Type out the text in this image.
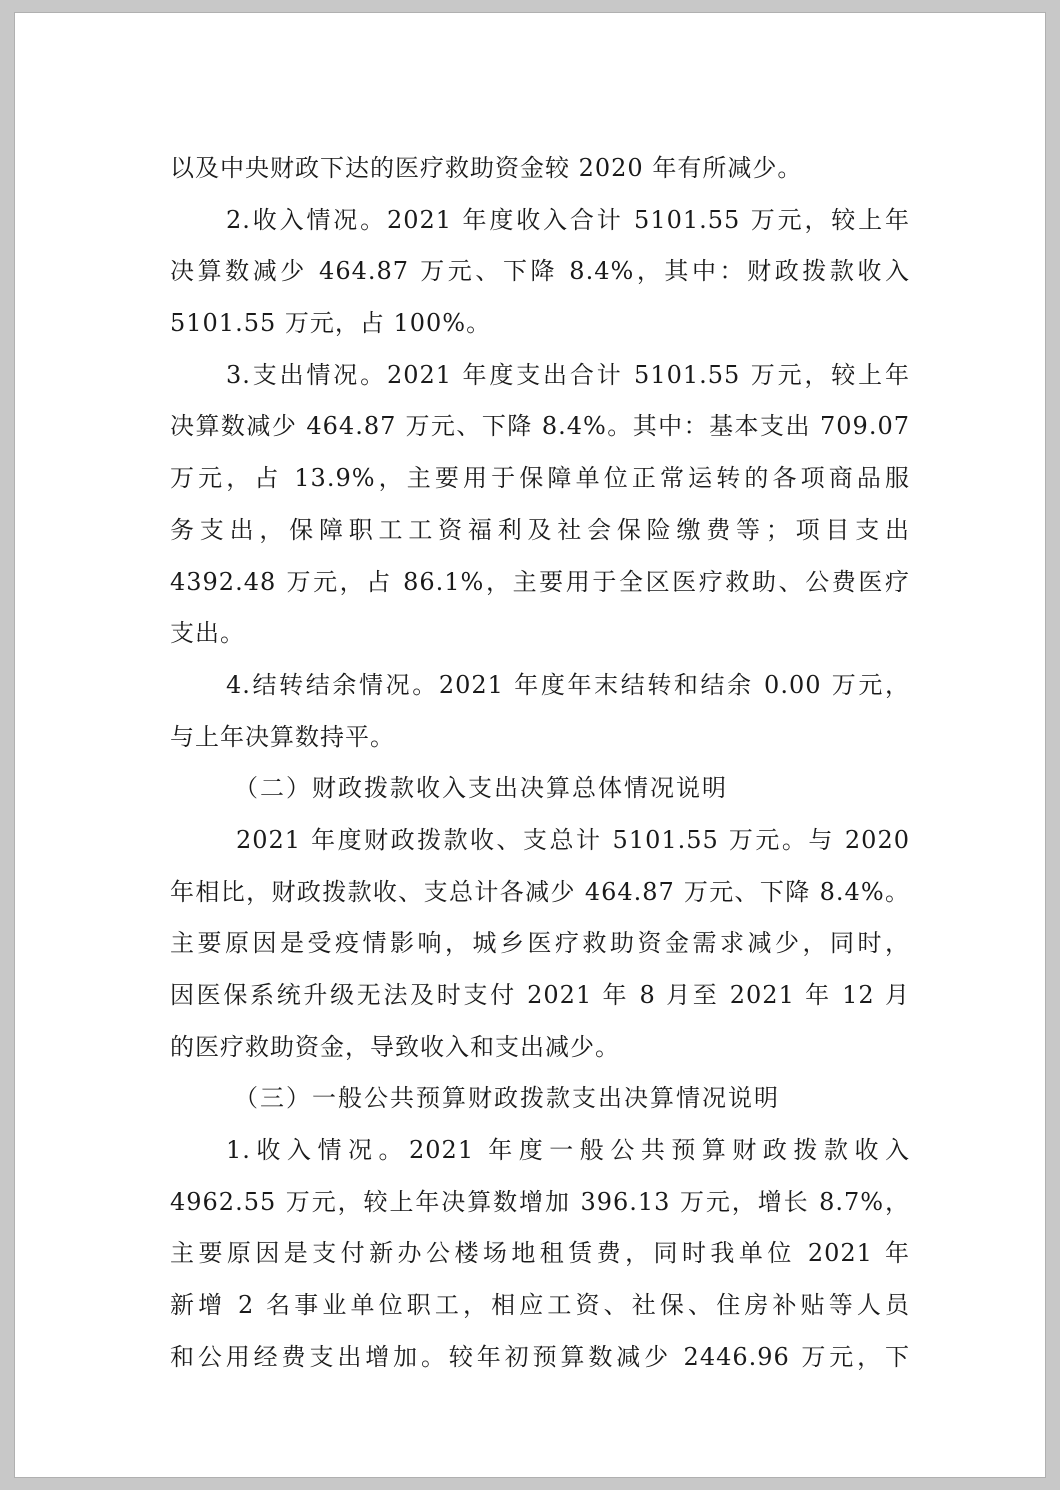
以及中央财政下达的医疗救助资金较 2020 年有所减少。
2.收入情况。2021 年度收入合计 5101.55 万元，较上年
决算数减少 464.87 万元、下降 8.4%，其中：财政拨款收入
5101.55 万元，占 100%。
3.支出情况。2021 年度支出合计 5101.55 万元，较上年
决算数减少 464.87 万元、下降 8.4%。其中：基本支出 709.07
万元，占 13.9%，主要用于保障单位正常运转的各项商品服
务支出，保障职工工资福利及社会保险缴费等；项目支出
4392.48 万元，占 86.1%，主要用于全区医疗救助、公费医疗
支出。
4.结转结余情况。2021 年度年末结转和结余 0.00 万元，
与上年决算数持平。
（二）财政拨款收入支出决算总体情况说明
2021 年度财政拨款收、支总计 5101.55 万元。与 2020
年相比，财政拨款收、支总计各减少 464.87 万元、下降 8.4%。
主要原因是受疫情影响，城乡医疗救助资金需求减少，同时，
因医保系统升级无法及时支付 2021 年 8 月至 2021 年 12 月
的医疗救助资金，导致收入和支出减少。
（三）一般公共预算财政拨款支出决算情况说明
1.收入情况。2021 年度一般公共预算财政拨款收入
4962.55 万元，较上年决算数增加 396.13 万元，增长 8.7%，
主要原因是支付新办公楼场地租赁费，同时我单位 2021 年
新增 2 名事业单位职工，相应工资、社保、住房补贴等人员
和公用经费支出增加。较年初预算数减少 2446.96 万元，下
